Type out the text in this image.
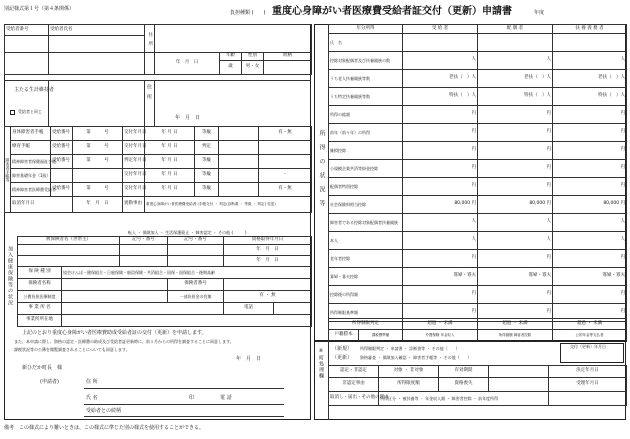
別記様式第１号（第４条関係）
負担種類 (　　) 重度心身障がい者医療費受給者証交付（更新）申請書	年度
受給者番号	受給者氏名	住　所				

			年　月　日	年齢	性別	続柄
				歳	男・女	
主たる生計維持者
受給者と同じ
住　所
年　月　日
障害者手帳等	身体障害者手帳	受給番号	第　　　 号	交付年月日	年 月 日	等級		有・無
	療育手帳	受給番号	第　　　 号	交付年月日	年 月 日	判定		
	精神障害者保健福祉手帳	受給番号	第　　　 号	判定年月日	年 月 日	等級		
	障害基礎年金（1級）			交付年月日	年 月 日	等級		・
	精神障害者医療費受給者	受給番号	第　　　 号	交付年月日	年 月 日	等級		有・無
	取消年月日		年　月　日	異動事由	重度心身障がい者医療費受給者 (手帳交付 ・ 判定(診断書 ・ 等級 ・ 判定) 変更)			
転入 ・ 保険加入 ・ 生活保護廃止 ・ 障害認定 ・ その他 (　　　)
加入健康保険等の状況
被保険者名（世帯主）		記号・番号	記号・番号	資格取得年月日	
				年　月　日	
				年　月　日	
保 険 種 別	協会けんぽ・健保組合・日雇保険・船員保険・共済組合・国保・国保組合・後期高齢				
保険者名称			保険者番号		
公費負担医療制度			一部負担金の有無	有 ・ 無	
事 業 所 名				電話	
事業所所在地					
上記のとおり重度心身障がい者医療費助成受給者証の交付（更新）を申請します。
また、本申請に際し、資格の認定・医療費の助成及び受給者証更新時に、前１月からの所得を調査することに同意します。
課税状況等の公簿を閲覧調査されることについても同意します。
年　月　日
新ひだか町長　様
(申請者)	住 所
氏 名	印	電 話
受給者との続柄
所得の状況等
年分所得	受 給 者	配 偶 者	扶 養 義 務 者
氏　名			
控除対象配偶者及び扶養親族の数	人	人	人
うち老人扶養親族等数	老扶（　）人	老扶（　）人	老扶（　）人
うち特定扶養親族等数	特扶（　）人	特扶（　）人	特扶（　）人
所得の総額	円	円	円
前年（前々年）の所得	円	円	円
雑損控除	円	円	円
小規模企業共済等掛金控除	円	円	円
配偶者特別控除	円	円	円
社会保険料相当控除	80,000 円	80,000 円	80,000 円
障害者である控除対象配偶者扶養親族	人	人	人
本人	人	人	人
老年者控除	円	円	円
寡婦・寡夫控除	寡婦・寡夫	寡婦・寡夫	寡婦・寡夫
控除後の所得額	円	円	円
所得制限基準額	円	円	円
所得制限判定		超過 ・ 未満	超過 ・ 未満	超過 ・ 未満
戸籍謄本	課税標準額	介護保険 年金収入	所得割額 障害者控除	公的年金等支払者
※町処理欄 （新規） 所得制限判定 ・ 申請書 ・ 診断書等 ・ その他（　　）
（更新） 資格審査 ・ 保険加入確認 ・ 障害者手帳等 ・ その他（　　）
交付（更新）年月日
認定・非認定	対象 ・ 非対象	有効期間		決定年月日
非認定事由	所得限度額	資格喪失		受理年月日
取消し・届出・その他の理由	所得区分 ・ 被扶養等 ・ 年金収入額 ・ 障害者控除 ・ 前年度所得			
備考　この様式により難いときは、この様式に準じた別の様式を使用することができる。
